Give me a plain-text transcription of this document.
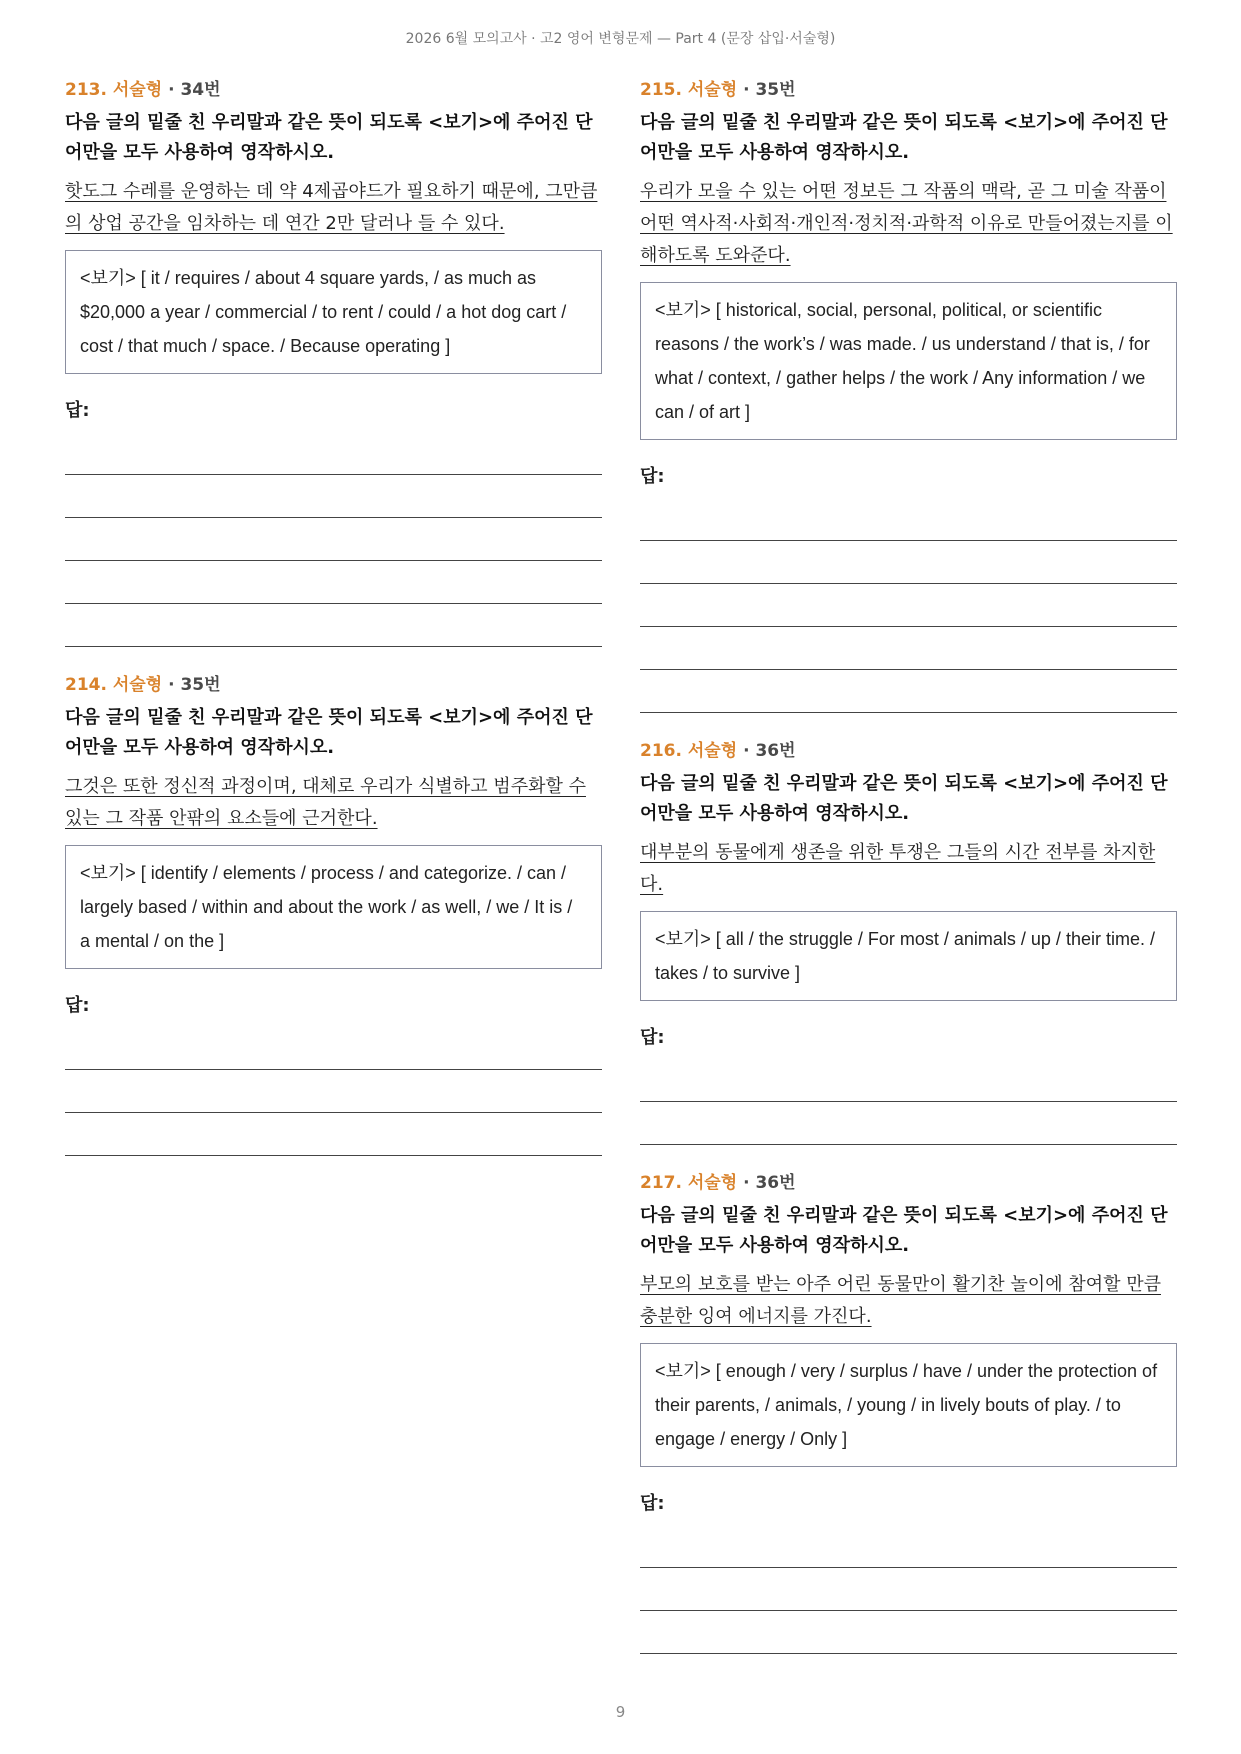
2026 6월 모의고사 · 고2 영어 변형문제 — Part 4 (문장 삽입·서술형)
213. 서술형 · 34번
다음 글의 밑줄 친 우리말과 같은 뜻이 되도록 <보기>에 주어진 단어만을 모두 사용하여 영작하시오.
핫도그 수레를 운영하는 데 약 4제곱야드가 필요하기 때문에, 그만큼의 상업 공간을 임차하는 데 연간 2만 달러나 들 수 있다.
<보기> [ it / requires / about 4 square yards, / as much as $20,000 a year / commercial / to rent / could / a hot dog cart / cost / that much / space. / Because operating ]
답:
214. 서술형 · 35번
다음 글의 밑줄 친 우리말과 같은 뜻이 되도록 <보기>에 주어진 단어만을 모두 사용하여 영작하시오.
그것은 또한 정신적 과정이며, 대체로 우리가 식별하고 범주화할 수 있는 그 작품 안팎의 요소들에 근거한다.
<보기> [ identify / elements / process / and categorize. / can / largely based / within and about the work / as well, / we / It is / a mental / on the ]
답:
215. 서술형 · 35번
다음 글의 밑줄 친 우리말과 같은 뜻이 되도록 <보기>에 주어진 단어만을 모두 사용하여 영작하시오.
우리가 모을 수 있는 어떤 정보든 그 작품의 맥락, 곧 그 미술 작품이 어떤 역사적·사회적·개인적·정치적·과학적 이유로 만들어졌는지를 이해하도록 도와준다.
<보기> [ historical, social, personal, political, or scientific reasons / the work’s / was made. / us understand / that is, / for what / context, / gather helps / the work / Any information / we can / of art ]
답:
216. 서술형 · 36번
다음 글의 밑줄 친 우리말과 같은 뜻이 되도록 <보기>에 주어진 단어만을 모두 사용하여 영작하시오.
대부분의 동물에게 생존을 위한 투쟁은 그들의 시간 전부를 차지한다.
<보기> [ all / the struggle / For most / animals / up / their time. / takes / to survive ]
답:
217. 서술형 · 36번
다음 글의 밑줄 친 우리말과 같은 뜻이 되도록 <보기>에 주어진 단어만을 모두 사용하여 영작하시오.
부모의 보호를 받는 아주 어린 동물만이 활기찬 놀이에 참여할 만큼 충분한 잉여 에너지를 가진다.
<보기> [ enough / very / surplus / have / under the protection of their parents, / animals, / young / in lively bouts of play. / to engage / energy / Only ]
답:
9
